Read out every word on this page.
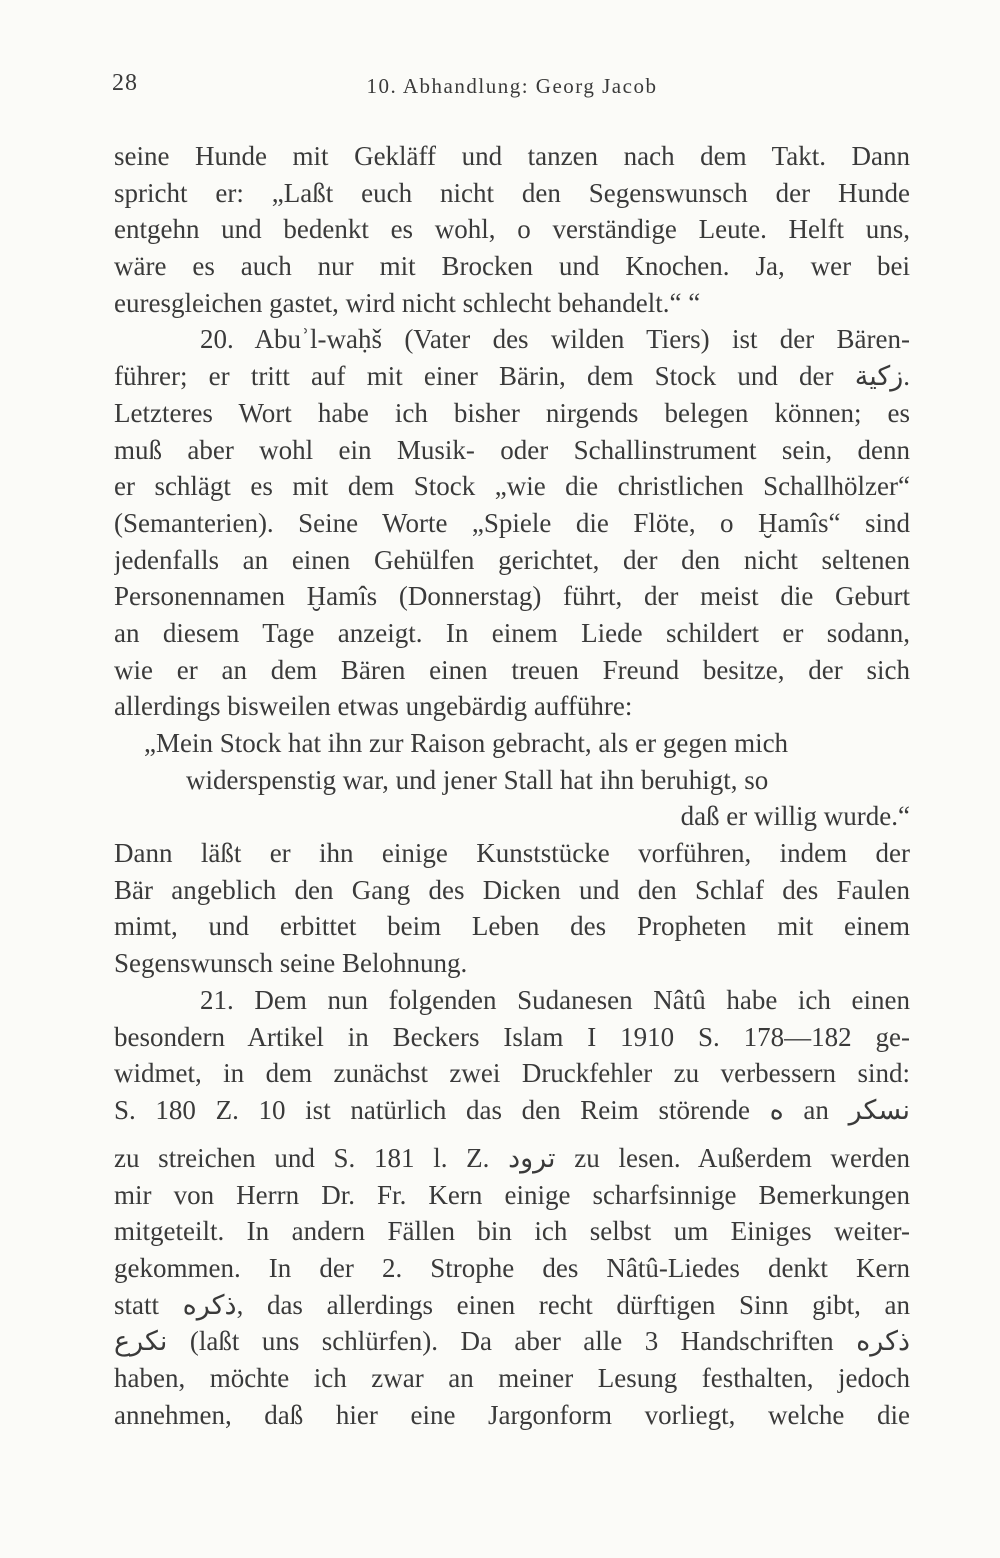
28	10. Abhandlung: Georg Jacob
seine Hunde mit Gekläff und tanzen nach dem Takt. Dann
spricht er: „Laßt euch nicht den Segenswunsch der Hunde
entgehn und bedenkt es wohl, o verständige Leute. Helft uns,
wäre es auch nur mit Brocken und Knochen. Ja, wer bei
euresgleichen gastet, wird nicht schlecht behandelt.“ “
20. Abuʾl-waḥš (Vater des wilden Tiers) ist der Bären-
führer; er tritt auf mit einer Bärin, dem Stock und der زكية.
Letzteres Wort habe ich bisher nirgends belegen können; es
muß aber wohl ein Musik- oder Schallinstrument sein, denn
er schlägt es mit dem Stock „wie die christlichen Schallhölzer“
(Semanterien). Seine Worte „Spiele die Flöte, o Ḫamîs“ sind
jedenfalls an einen Gehülfen gerichtet, der den nicht seltenen
Personennamen Ḫamîs (Donnerstag) führt, der meist die Geburt
an diesem Tage anzeigt. In einem Liede schildert er sodann,
wie er an dem Bären einen treuen Freund besitze, der sich
allerdings bisweilen etwas ungebärdig aufführe:
„Mein Stock hat ihn zur Raison gebracht, als er gegen mich
widerspenstig war, und jener Stall hat ihn beruhigt, so
daß er willig wurde.“
Dann läßt er ihn einige Kunststücke vorführen, indem der
Bär angeblich den Gang des Dicken und den Schlaf des Faulen
mimt, und erbittet beim Leben des Propheten mit einem
Segenswunsch seine Belohnung.
21. Dem nun folgenden Sudanesen Nâtû habe ich einen
besondern Artikel in Beckers Islam I 1910 S. 178—182 ge-
widmet, in dem zunächst zwei Druckfehler zu verbessern sind:
S. 180 Z. 10 ist natürlich das den Reim störende ه an نسكر
zu streichen und S. 181 l. Z. ترود zu lesen. Außerdem werden
mir von Herrn Dr. Fr. Kern einige scharfsinnige Bemerkungen
mitgeteilt. In andern Fällen bin ich selbst um Einiges weiter-
gekommen. In der 2. Strophe des Nâtû-Liedes denkt Kern
statt ذكره, das allerdings einen recht dürftigen Sinn gibt, an
نكرع (laßt uns schlürfen). Da aber alle 3 Handschriften ذكره
haben, möchte ich zwar an meiner Lesung festhalten, jedoch
annehmen, daß hier eine Jargonform vorliegt, welche die
